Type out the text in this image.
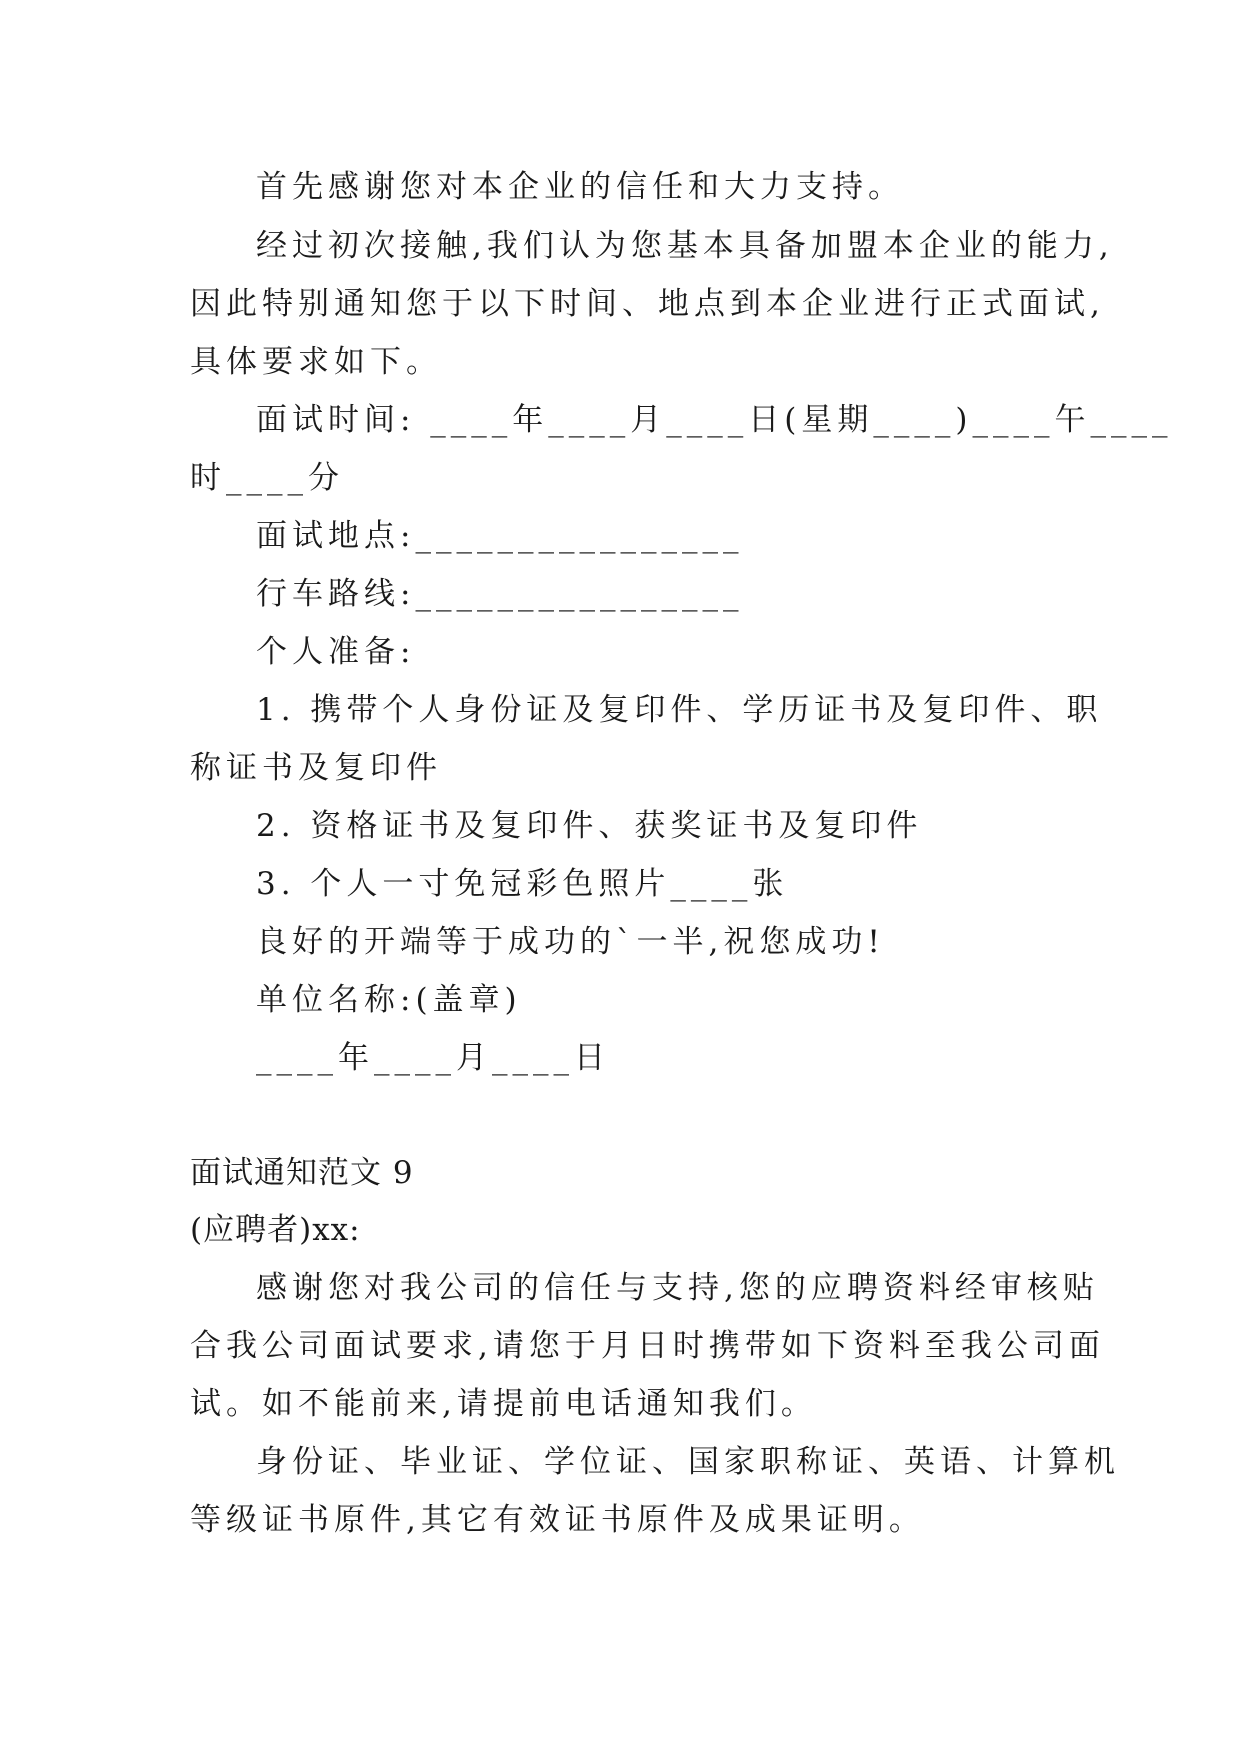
首先感谢您对本企业的信任和大力支持。
经过初次接触,我们认为您基本具备加盟本企业的能力,
因此特别通知您于以下时间、地点到本企业进行正式面试,
具体要求如下。
面试时间: ____年____月____日(星期____)____午____
时____分
面试地点:________________
行车路线:________________
个人准备:
1. 携带个人身份证及复印件、学历证书及复印件、职
称证书及复印件
2. 资格证书及复印件、获奖证书及复印件
3. 个人一寸免冠彩色照片____张
良好的开端等于成功的`一半,祝您成功!
单位名称:(盖章)
____年____月____日
面试通知范文 9
(应聘者)xx:
感谢您对我公司的信任与支持,您的应聘资料经审核贴
合我公司面试要求,请您于月日时携带如下资料至我公司面
试。如不能前来,请提前电话通知我们。
身份证、毕业证、学位证、国家职称证、英语、计算机
等级证书原件,其它有效证书原件及成果证明。
